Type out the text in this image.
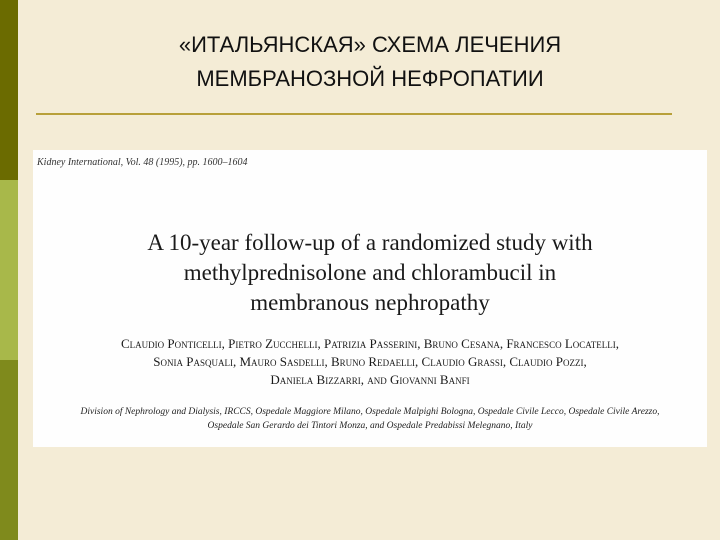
«ИТАЛЬЯНСКАЯ» СХЕМА ЛЕЧЕНИЯ
МЕМБРАНОЗНОЙ НЕФРОПАТИИ
Kidney International, Vol. 48 (1995), pp. 1600–1604
A 10-year follow-up of a randomized study with
methylprednisolone and chlorambucil in
membranous nephropathy
Claudio Ponticelli, Pietro Zucchelli, Patrizia Passerini, Bruno Cesana, Francesco Locatelli,
Sonia Pasquali, Mauro Sasdelli, Bruno Redaelli, Claudio Grassi, Claudio Pozzi,
Daniela Bizzarri, and Giovanni Banfi
Division of Nephrology and Dialysis, IRCCS, Ospedale Maggiore Milano, Ospedale Malpighi Bologna, Ospedale Civile Lecco, Ospedale Civile Arezzo,
Ospedale San Gerardo dei Tintori Monza, and Ospedale Predabissi Melegnano, Italy
